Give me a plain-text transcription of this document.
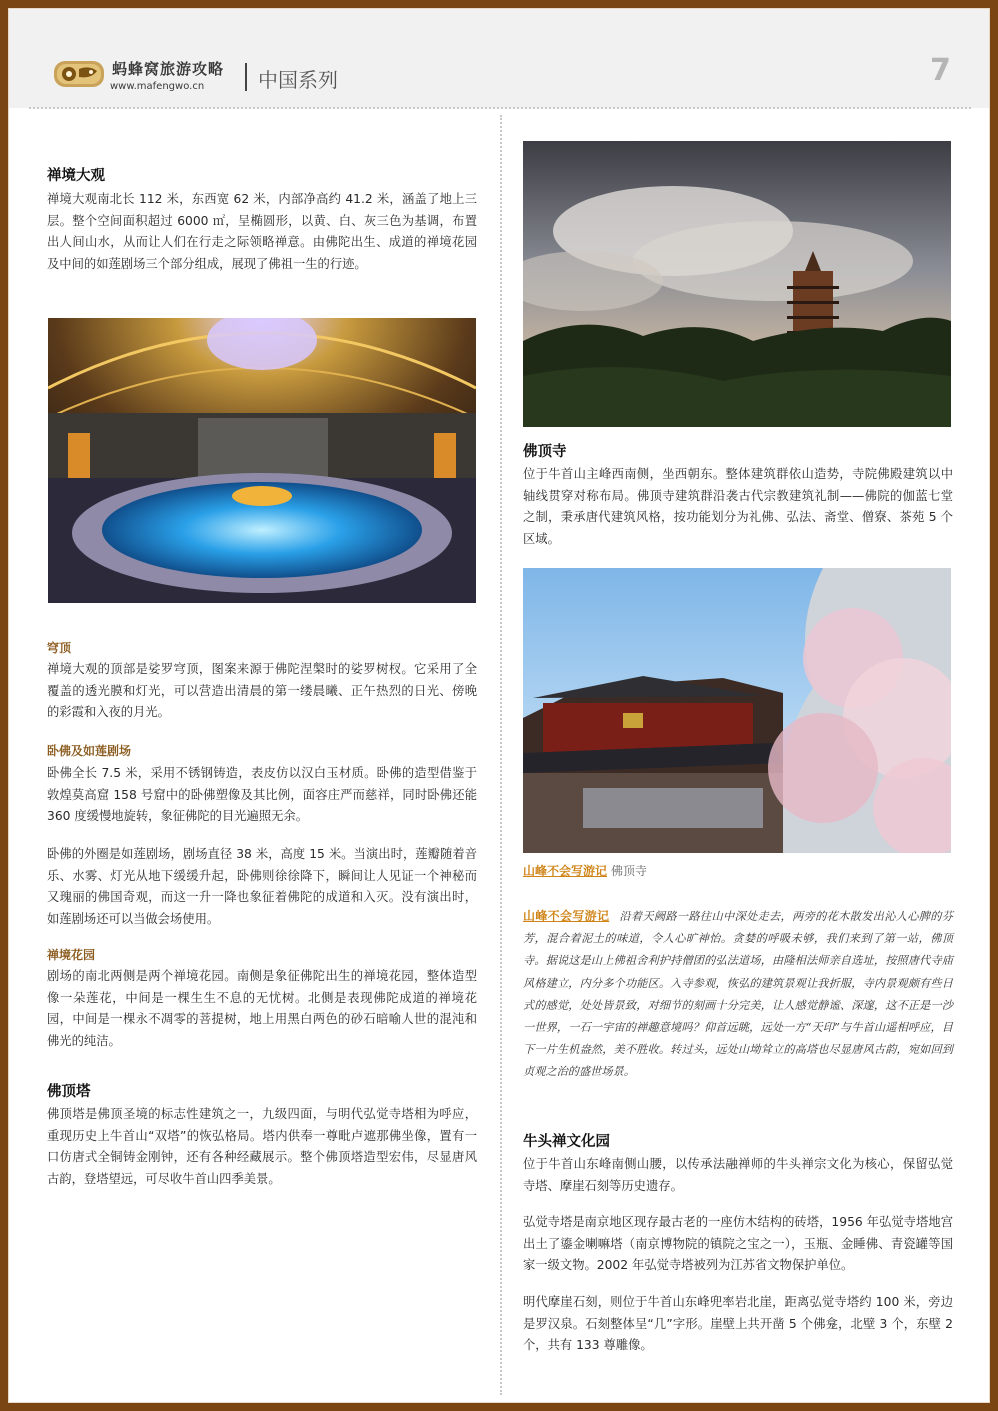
蚂蜂窝旅游攻略
www.mafengwo.cn	中国系列	7
禅境大观
禅境大观南北长 112 米，东西宽 62 米，内部净高约 41.2 米，涵盖了地上三层。整个空间面积超过 6000 ㎡，呈椭圆形，以黄、白、灰三色为基调，布置出人间山水，从而让人们在行走之际领略禅意。由佛陀出生、成道的禅境花园及中间的如莲剧场三个部分组成，展现了佛祖一生的行迹。
穹顶
禅境大观的顶部是娑罗穹顶，图案来源于佛陀涅槃时的娑罗树杈。它采用了全覆盖的透光膜和灯光，可以营造出清晨的第一缕晨曦、正午热烈的日光、傍晚的彩霞和入夜的月光。
卧佛及如莲剧场
卧佛全长 7.5 米，采用不锈钢铸造，表皮仿以汉白玉材质。卧佛的造型借鉴于敦煌莫高窟 158 号窟中的卧佛塑像及其比例，面容庄严而慈祥，同时卧佛还能 360 度缓慢地旋转，象征佛陀的目光遍照无余。
卧佛的外圈是如莲剧场，剧场直径 38 米，高度 15 米。当演出时，莲瓣随着音乐、水雾、灯光从地下缓缓升起，卧佛则徐徐降下，瞬间让人见证一个神秘而又瑰丽的佛国奇观，而这一升一降也象征着佛陀的成道和入灭。没有演出时，如莲剧场还可以当做会场使用。
禅境花园
剧场的南北两侧是两个禅境花园。南侧是象征佛陀出生的禅境花园，整体造型像一朵莲花，中间是一棵生生不息的无忧树。北侧是表现佛陀成道的禅境花园，中间是一棵永不凋零的菩提树，地上用黑白两色的砂石暗喻人世的混沌和佛光的纯洁。
佛顶塔
佛顶塔是佛顶圣境的标志性建筑之一，九级四面，与明代弘觉寺塔相为呼应，重现历史上牛首山“双塔”的恢弘格局。塔内供奉一尊毗卢遮那佛坐像，置有一口仿唐式全铜铸金刚钟，还有各种经藏展示。整个佛顶塔造型宏伟，尽显唐风古韵，登塔望远，可尽收牛首山四季美景。
佛顶寺
位于牛首山主峰西南侧，坐西朝东。整体建筑群依山造势，寺院佛殿建筑以中轴线贯穿对称布局。佛顶寺建筑群沿袭古代宗教建筑礼制——佛院的伽蓝七堂之制，秉承唐代建筑风格，按功能划分为礼佛、弘法、斋堂、僧寮、茶苑 5 个区域。
山峰不会写游记 佛顶寺
山峰不会写游记 沿着天阙路一路往山中深处走去，两旁的花木散发出沁人心脾的芬芳，混合着泥土的味道，令人心旷神怡。贪婪的呼吸未够，我们来到了第一站，佛顶寺。据说这是山上佛祖舍利护持僧团的弘法道场，由隆相法师亲自选址，按照唐代寺庙风格建立，内分多个功能区。入寺参观，恢弘的建筑景观让我折服，寺内景观颇有些日式的感觉，处处皆景致，对细节的刻画十分完美，让人感觉静谧、深邃，这不正是一沙一世界，一石一宇宙的禅趣意境吗？仰首远眺，远处一方“天印”与牛首山遥相呼应，目下一片生机盎然，美不胜收。转过头，远处山坳耸立的高塔也尽显唐风古韵，宛如回到贞观之治的盛世场景。
牛头禅文化园
位于牛首山东峰南侧山腰，以传承法融禅师的牛头禅宗文化为核心，保留弘觉寺塔、摩崖石刻等历史遗存。
弘觉寺塔是南京地区现存最古老的一座仿木结构的砖塔，1956 年弘觉寺塔地宫出土了鎏金喇嘛塔（南京博物院的镇院之宝之一），玉瓶、金睡佛、青瓷罐等国家一级文物。2002 年弘觉寺塔被列为江苏省文物保护单位。
明代摩崖石刻，则位于牛首山东峰兜率岩北崖，距离弘觉寺塔约 100 米，旁边是罗汉泉。石刻整体呈“几”字形。崖壁上共开凿 5 个佛龛，北壁 3 个，东壁 2 个，共有 133 尊雕像。
